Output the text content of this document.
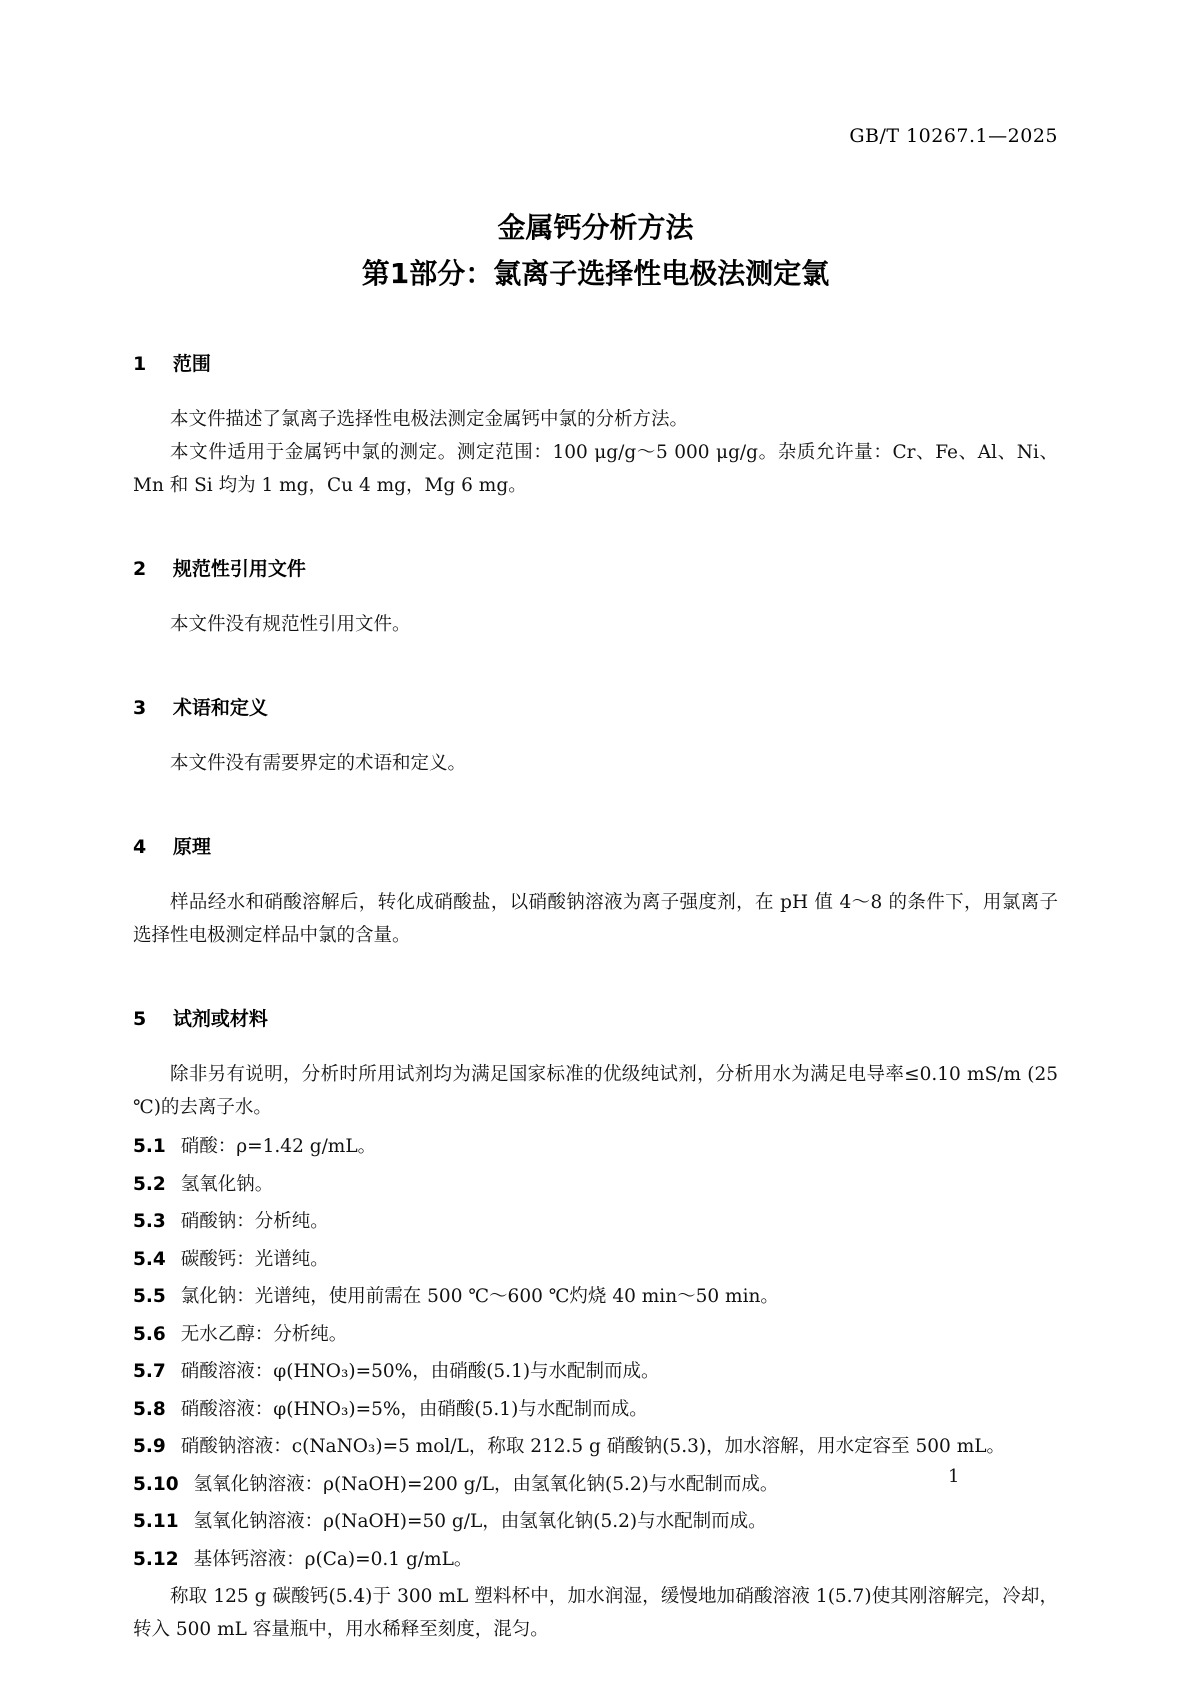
GB/T 10267.1—2025
金属钙分析方法
第1部分：氯离子选择性电极法测定氯
1 范围

本文件描述了氯离子选择性电极法测定金属钙中氯的分析方法。

本文件适用于金属钙中氯的测定。测定范围：100 μg/g～5 000 μg/g。杂质允许量：Cr、Fe、Al、Ni、Mn 和 Si 均为 1 mg，Cu 4 mg，Mg 6 mg。

2 规范性引用文件

本文件没有规范性引用文件。

3 术语和定义

本文件没有需要界定的术语和定义。

4 原理

样品经水和硝酸溶解后，转化成硝酸盐，以硝酸钠溶液为离子强度剂，在 pH 值 4～8 的条件下，用氯离子选择性电极测定样品中氯的含量。

5 试剂或材料

除非另有说明，分析时所用试剂均为满足国家标准的优级纯试剂，分析用水为满足电导率≤0.10 mS/m (25 ℃)的去离子水。

5.1 硝酸：ρ=1.42 g/mL。
5.2 氢氧化钠。
5.3 硝酸钠：分析纯。
5.4 碳酸钙：光谱纯。
5.5 氯化钠：光谱纯，使用前需在 500 ℃～600 ℃灼烧 40 min～50 min。
5.6 无水乙醇：分析纯。
5.7 硝酸溶液：φ(HNO₃)=50%，由硝酸(5.1)与水配制而成。
5.8 硝酸溶液：φ(HNO₃)=5%，由硝酸(5.1)与水配制而成。
5.9 硝酸钠溶液：c(NaNO₃)=5 mol/L，称取 212.5 g 硝酸钠(5.3)，加水溶解，用水定容至 500 mL。
5.10 氢氧化钠溶液：ρ(NaOH)=200 g/L，由氢氧化钠(5.2)与水配制而成。
5.11 氢氧化钠溶液：ρ(NaOH)=50 g/L，由氢氧化钠(5.2)与水配制而成。
5.12 基体钙溶液：ρ(Ca)=0.1 g/mL。

称取 125 g 碳酸钙(5.4)于 300 mL 塑料杯中，加水润湿，缓慢地加硝酸溶液 1(5.7)使其刚溶解完，冷却，转入 500 mL 容量瓶中，用水稀释至刻度，混匀。

1
